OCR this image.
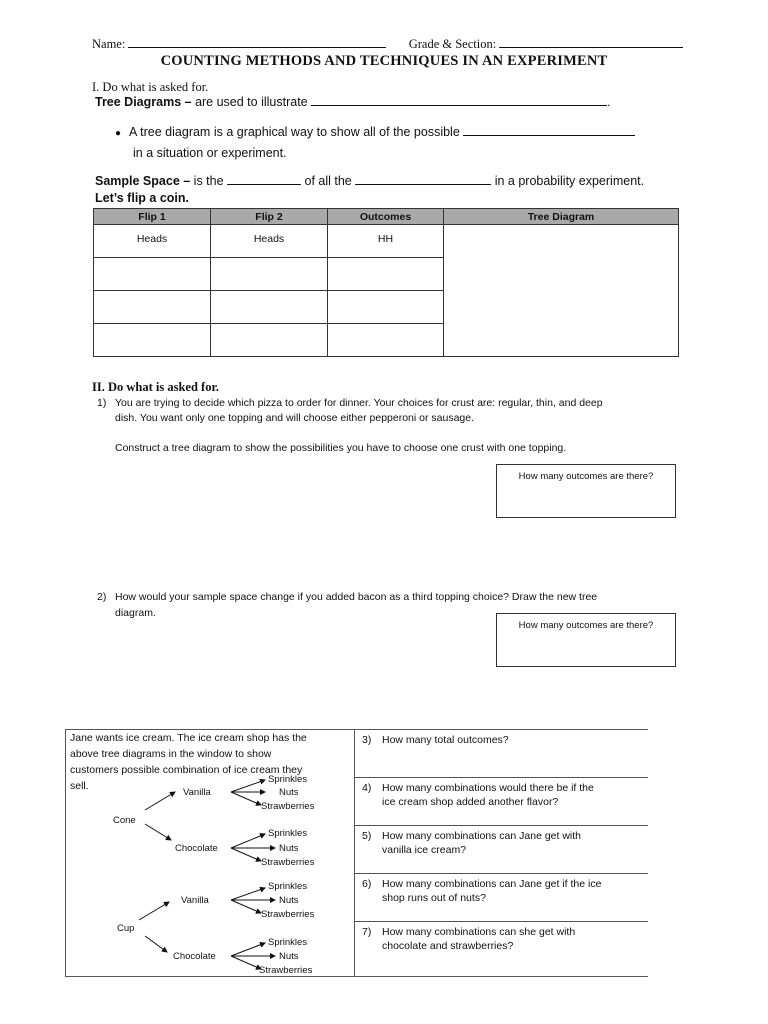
Name:	Grade & Section:
COUNTING METHODS AND TECHNIQUES IN AN EXPERIMENT
I. Do what is asked for.
Tree Diagrams – are used to illustrate	.
● A tree diagram is a graphical way to show all of the possible
in a situation or experiment.
Sample Space – is the	of all the	in a probability experiment.
Let’s flip a coin.
Flip 1	Flip 2	Outcomes	Tree Diagram
Heads	Heads	HH	

II. Do what is asked for.
1) You are trying to decide which pizza to order for dinner. Your choices for crust are: regular, thin, and deep
dish. You want only one topping and will choose either pepperoni or sausage.
Construct a tree diagram to show the possibilities you have to choose one crust with one topping.
How many outcomes are there?
2) How would your sample space change if you added bacon as a third topping choice? Draw the new tree
diagram.
How many outcomes are there?
Jane wants ice cream. The ice cream shop has the
above tree diagrams in the window to show
customers possible combination of ice cream they
sell.
Cone
Vanilla
Chocolate
Sprinkles
Nuts
Strawberries
Sprinkles
Nuts
Strawberries
Cup
Vanilla
Chocolate
Sprinkles
Nuts
Strawberries
Sprinkles
Nuts
Strawberries
3) How many total outcomes?
4) How many combinations would there be if the
ice cream shop added another flavor?
5) How many combinations can Jane get with
vanilla ice cream?
6) How many combinations can Jane get if the ice
shop runs out of nuts?
7) How many combinations can she get with
chocolate and strawberries?
